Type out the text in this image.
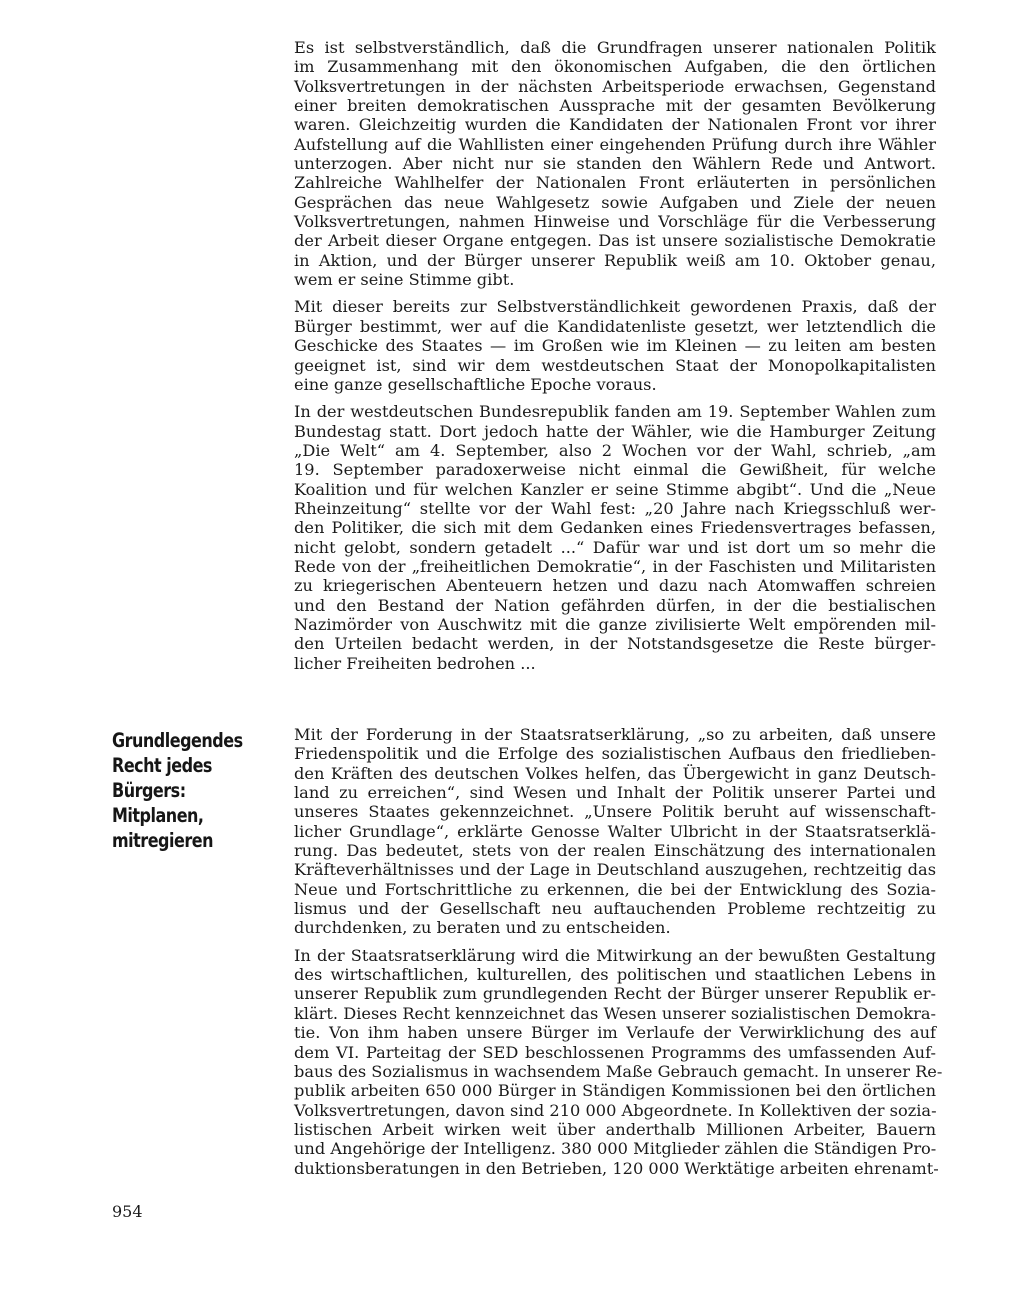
Es ist selbstverständlich, daß die Grundfragen unserer nationalen Politik
im Zusammenhang mit den ökonomischen Aufgaben, die den örtlichen
Volksvertretungen in der nächsten Arbeitsperiode erwachsen, Gegenstand
einer breiten demokratischen Aussprache mit der gesamten Bevölkerung
waren. Gleichzeitig wurden die Kandidaten der Nationalen Front vor ihrer
Aufstellung auf die Wahllisten einer eingehenden Prüfung durch ihre Wähler
unterzogen. Aber nicht nur sie standen den Wählern Rede und Antwort.
Zahlreiche Wahlhelfer der Nationalen Front erläuterten in persönlichen
Gesprächen das neue Wahlgesetz sowie Aufgaben und Ziele der neuen
Volksvertretungen, nahmen Hinweise und Vorschläge für die Verbesserung
der Arbeit dieser Organe entgegen. Das ist unsere sozialistische Demokratie
in Aktion, und der Bürger unserer Republik weiß am 10. Oktober genau,
wem er seine Stimme gibt.

Mit dieser bereits zur Selbstverständlichkeit gewordenen Praxis, daß der
Bürger bestimmt, wer auf die Kandidatenliste gesetzt, wer letztendlich die
Geschicke des Staates — im Großen wie im Kleinen — zu leiten am besten
geeignet ist, sind wir dem westdeutschen Staat der Monopolkapitalisten
eine ganze gesellschaftliche Epoche voraus.

In der westdeutschen Bundesrepublik fanden am 19. September Wahlen zum
Bundestag statt. Dort jedoch hatte der Wähler, wie die Hamburger Zeitung
„Die Welt“ am 4. September, also 2 Wochen vor der Wahl, schrieb, „am
19. September paradoxerweise nicht einmal die Gewißheit, für welche
Koalition und für welchen Kanzler er seine Stimme abgibt“. Und die „Neue
Rheinzeitung“ stellte vor der Wahl fest: „20 Jahre nach Kriegsschluß wer-
den Politiker, die sich mit dem Gedanken eines Friedensvertrages befassen,
nicht gelobt, sondern getadelt ...“ Dafür war und ist dort um so mehr die
Rede von der „freiheitlichen Demokratie“, in der Faschisten und Militaristen
zu kriegerischen Abenteuern hetzen und dazu nach Atomwaffen schreien
und den Bestand der Nation gefährden dürfen, in der die bestialischen
Nazimörder von Auschwitz mit die ganze zivilisierte Welt empörenden mil-
den Urteilen bedacht werden, in der Notstandsgesetze die Reste bürger-
licher Freiheiten bedrohen ...

Grundlegendes
Recht jedes
Bürgers:
Mitplanen,
mitregieren

Mit der Forderung in der Staatsratserklärung, „so zu arbeiten, daß unsere
Friedenspolitik und die Erfolge des sozialistischen Aufbaus den friedlieben-
den Kräften des deutschen Volkes helfen, das Übergewicht in ganz Deutsch-
land zu erreichen“, sind Wesen und Inhalt der Politik unserer Partei und
unseres Staates gekennzeichnet. „Unsere Politik beruht auf wissenschaft-
licher Grundlage“, erklärte Genosse Walter Ulbricht in der Staatsratserklä-
rung. Das bedeutet, stets von der realen Einschätzung des internationalen
Kräfteverhältnisses und der Lage in Deutschland auszugehen, rechtzeitig das
Neue und Fortschrittliche zu erkennen, die bei der Entwicklung des Sozia-
lismus und der Gesellschaft neu auftauchenden Probleme rechtzeitig zu
durchdenken, zu beraten und zu entscheiden.

In der Staatsratserklärung wird die Mitwirkung an der bewußten Gestaltung
des wirtschaftlichen, kulturellen, des politischen und staatlichen Lebens in
unserer Republik zum grundlegenden Recht der Bürger unserer Republik er-
klärt. Dieses Recht kennzeichnet das Wesen unserer sozialistischen Demokra-
tie. Von ihm haben unsere Bürger im Verlaufe der Verwirklichung des auf
dem VI. Parteitag der SED beschlossenen Programms des umfassenden Auf-
baus des Sozialismus in wachsendem Maße Gebrauch gemacht. In unserer Re-
publik arbeiten 650 000 Bürger in Ständigen Kommissionen bei den örtlichen
Volksvertretungen, davon sind 210 000 Abgeordnete. In Kollektiven der sozia-
listischen Arbeit wirken weit über anderthalb Millionen Arbeiter, Bauern
und Angehörige der Intelligenz. 380 000 Mitglieder zählen die Ständigen Pro-
duktionsberatungen in den Betrieben, 120 000 Werktätige arbeiten ehrenamt-

954
